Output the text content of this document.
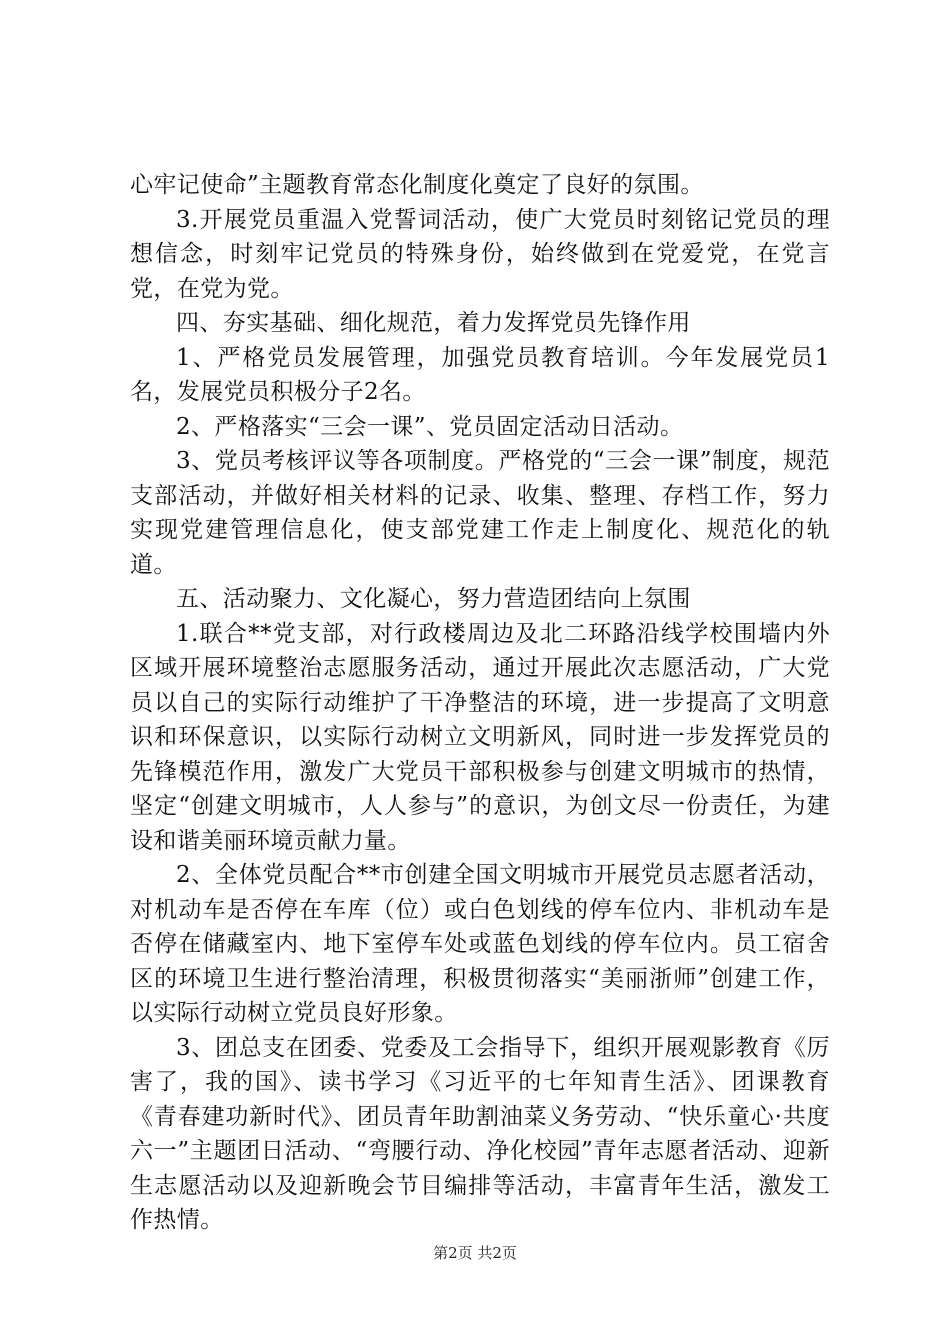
心牢记使命”主题教育常态化制度化奠定了良好的氛围。

3.开展党员重温入党誓词活动，使广大党员时刻铭记党员的理想信念，时刻牢记党员的特殊身份，始终做到在党爱党，在党言党，在党为党。

四、夯实基础、细化规范，着力发挥党员先锋作用

1、严格党员发展管理，加强党员教育培训。今年发展党员1名，发展党员积极分子2名。

2、严格落实“三会一课”、党员固定活动日活动。

3、党员考核评议等各项制度。严格党的“三会一课”制度，规范支部活动，并做好相关材料的记录、收集、整理、存档工作，努力实现党建管理信息化，使支部党建工作走上制度化、规范化的轨道。

五、活动聚力、文化凝心，努力营造团结向上氛围

1.联合**党支部，对行政楼周边及北二环路沿线学校围墙内外区域开展环境整治志愿服务活动，通过开展此次志愿活动，广大党员以自己的实际行动维护了干净整洁的环境，进一步提高了文明意识和环保意识，以实际行动树立文明新风，同时进一步发挥党员的先锋模范作用，激发广大党员干部积极参与创建文明城市的热情，坚定“创建文明城市，人人参与”的意识，为创文尽一份责任，为建设和谐美丽环境贡献力量。

2、全体党员配合**市创建全国文明城市开展党员志愿者活动，对机动车是否停在车库（位）或白色划线的停车位内、非机动车是否停在储藏室内、地下室停车处或蓝色划线的停车位内。员工宿舍区的环境卫生进行整治清理，积极贯彻落实“美丽浙师”创建工作，以实际行动树立党员良好形象。

3、团总支在团委、党委及工会指导下，组织开展观影教育《厉害了，我的国》、读书学习《习近平的七年知青生活》、团课教育《青春建功新时代》、团员青年助割油菜义务劳动、“快乐童心·共度六一”主题团日活动、“弯腰行动、净化校园”青年志愿者活动、迎新生志愿活动以及迎新晚会节目编排等活动，丰富青年生活，激发工作热情。

第2页 共2页
